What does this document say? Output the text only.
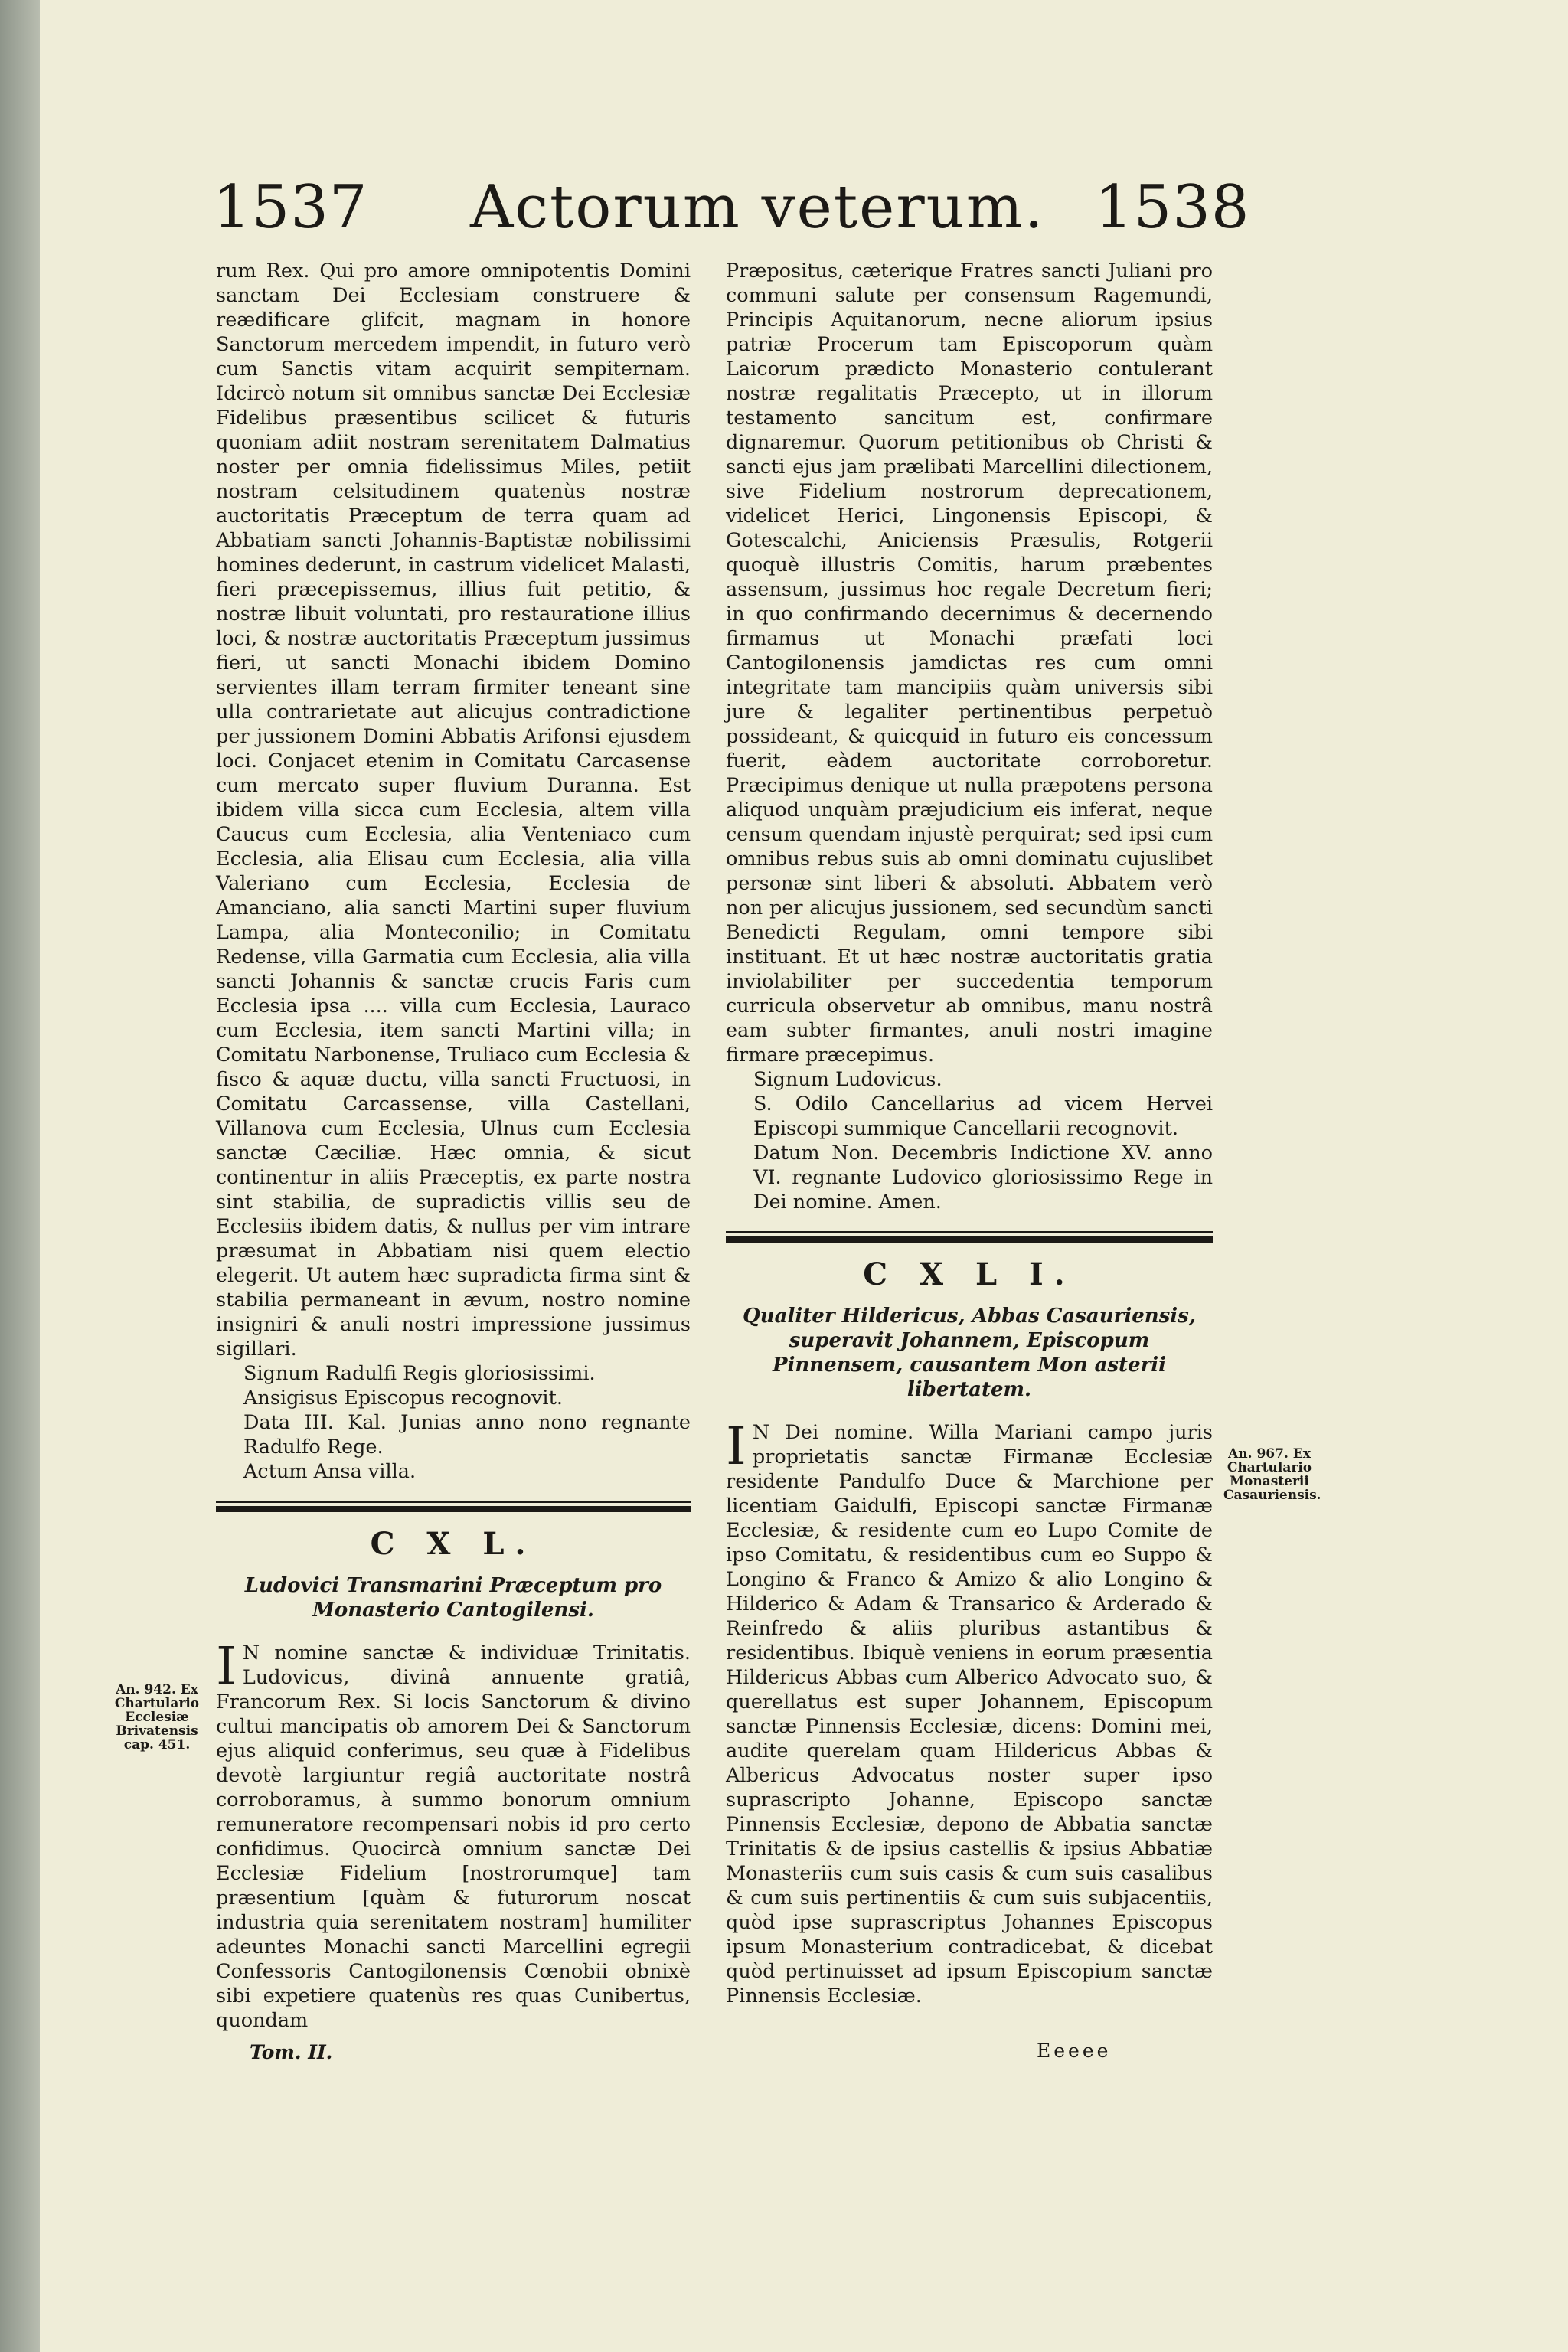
1537 Actorum veterum. 1538

rum Rex. Qui pro amore omnipotentis Domini sanctam Dei Ecclesiam construere & reædificare glifcit, magnam in honore Sanctorum mercedem impendit, in futuro verò cum Sanctis vitam acquirit sempiternam. Idcircò notum sit omnibus sanctæ Dei Ecclesiæ Fidelibus præsentibus scilicet & futuris quoniam adiit nostram serenitatem Dalmatius noster per omnia fidelissimus Miles, petiit nostram celsitudinem quatenùs nostræ auctoritatis Præceptum de terra quam ad Abbatiam sancti Johannis-Baptistæ nobilissimi homines dederunt, in castrum videlicet Malasti, fieri præcepissemus, illius fuit petitio, & nostræ libuit voluntati, pro restauratione illius loci, & nostræ auctoritatis Præceptum jussimus fieri, ut sancti Monachi ibidem Domino servientes illam terram firmiter teneant sine ulla contrarietate aut alicujus contradictione per jussionem Domini Abbatis Arifonsi ejusdem loci. Conjacet etenim in Comitatu Carcasense cum mercato super fluvium Duranna. Est ibidem villa sicca cum Ecclesia, altem villa Caucus cum Ecclesia, alia Venteniaco cum Ecclesia, alia Elisau cum Ecclesia, alia villa Valeriano cum Ecclesia, Ecclesia de Amanciano, alia sancti Martini super fluvium Lampa, alia Monteconilio; in Comitatu Redense, villa Garmatia cum Ecclesia, alia villa sancti Johannis & sanctæ crucis Faris cum Ecclesia ipsa .... villa cum Ecclesia, Lauraco cum Ecclesia, item sancti Martini villa; in Comitatu Narbonense, Truliaco cum Ecclesia & fisco & aquæ ductu, villa sancti Fructuosi, in Comitatu Carcassense, villa Castellani, Villanova cum Ecclesia, Ulnus cum Ecclesia sanctæ Cæciliæ. Hæc omnia, & sicut continentur in aliis Præceptis, ex parte nostra sint stabilia, de supradictis villis seu de Ecclesiis ibidem datis, & nullus per vim intrare præsumat in Abbatiam nisi quem electio elegerit. Ut autem hæc supradicta firma sint & stabilia permaneant in ævum, nostro nomine insigniri & anuli nostri impressione jussimus sigillari.

Signum Radulfi Regis gloriosissimi.

Ansigisus Episcopus recognovit.

Data III. Kal. Junias anno nono regnante Radulfo Rege.

Actum Ansa villa.

C X L.
Ludovici Transmarini Præceptum pro Monasterio Cantogilensi.

I N nomine sanctæ & individuæ Trinitatis. Ludovicus, divinâ annuente gratiâ, Francorum Rex. Si locis Sanctorum & divino cultui mancipatis ob amorem Dei & Sanctorum ejus aliquid conferimus, seu quæ à Fidelibus devotè largiuntur regiâ auctoritate nostrâ corroboramus, à summo bonorum omnium remuneratore recompensari nobis id pro certo confidimus. Quocircà omnium sanctæ Dei Ecclesiæ Fidelium [nostrorumque] tam præsentium [quàm & futurorum noscat industria quia serenitatem nostram] humiliter adeuntes Monachi sancti Marcellini egregii Confessoris Cantogilonensis Cœnobii obnixè sibi expetiere quatenùs res quas Cunibertus, quondam

An. 942. Ex Chartulario Ecclesiæ Brivatensis cap. 451.
Tom. II.

Præpositus, cæterique Fratres sancti Juliani pro communi salute per consensum Ragemundi, Principis Aquitanorum, necne aliorum ipsius patriæ Procerum tam Episcoporum quàm Laicorum prædicto Monasterio contulerant nostræ regalitatis Præcepto, ut in illorum testamento sancitum est, confirmare dignaremur. Quorum petitionibus ob Christi & sancti ejus jam prælibati Marcellini dilectionem, sive Fidelium nostrorum deprecationem, videlicet Herici, Lingonensis Episcopi, & Gotescalchi, Aniciensis Præsulis, Rotgerii quoquè illustris Comitis, harum præbentes assensum, jussimus hoc regale Decretum fieri; in quo confirmando decernimus & decernendo firmamus ut Monachi præfati loci Cantogilonensis jamdictas res cum omni integritate tam mancipiis quàm universis sibi jure & legaliter pertinentibus perpetuò possideant, & quicquid in futuro eis concessum fuerit, eàdem auctoritate corroboretur. Præcipimus denique ut nulla præpotens persona aliquod unquàm præjudicium eis inferat, neque censum quendam injustè perquirat; sed ipsi cum omnibus rebus suis ab omni dominatu cujuslibet personæ sint liberi & absoluti. Abbatem verò non per alicujus jussionem, sed secundùm sancti Benedicti Regulam, omni tempore sibi instituant. Et ut hæc nostræ auctoritatis gratia inviolabiliter per succedentia temporum curricula observetur ab omnibus, manu nostrâ eam subter firmantes, anuli nostri imagine firmare præcepimus.

Signum Ludovicus.

S. Odilo Cancellarius ad vicem Hervei Episcopi summique Cancellarii recognovit.

Datum Non. Decembris Indictione XV. anno VI. regnante Ludovico gloriosissimo Rege in Dei nomine. Amen.

C X L I.
Qualiter Hildericus, Abbas Casauriensis, superavit Johannem, Episcopum Pinnensem, causantem Mon asterii libertatem.

I N Dei nomine. Willa Mariani campo juris proprietatis sanctæ Firmanæ Ecclesiæ residente Pandulfo Duce & Marchione per licentiam Gaidulfi, Episcopi sanctæ Firmanæ Ecclesiæ, & residente cum eo Lupo Comite de ipso Comitatu, & residentibus cum eo Suppo & Longino & Franco & Amizo & alio Longino & Hilderico & Adam & Transarico & Arderado & Reinfredo & aliis pluribus astantibus & residentibus. Ibiquè veniens in eorum præsentia Hildericus Abbas cum Alberico Advocato suo, & querellatus est super Johannem, Episcopum sanctæ Pinnensis Ecclesiæ, dicens: Domini mei, audite querelam quam Hildericus Abbas & Albericus Advocatus noster super ipso suprascripto Johanne, Episcopo sanctæ Pinnensis Ecclesiæ, depono de Abbatia sanctæ Trinitatis & de ipsius castellis & ipsius Abbatiæ Monasteriis cum suis casis & cum suis casalibus & cum suis pertinentiis & cum suis subjacentiis, quòd ipse suprascriptus Johannes Episcopus ipsum Monasterium contradicebat, & dicebat quòd pertinuisset ad ipsum Episcopium sanctæ Pinnensis Ecclesiæ.

An. 967. Ex Chartulario Monasterii Casauriensis.
Eeeee
